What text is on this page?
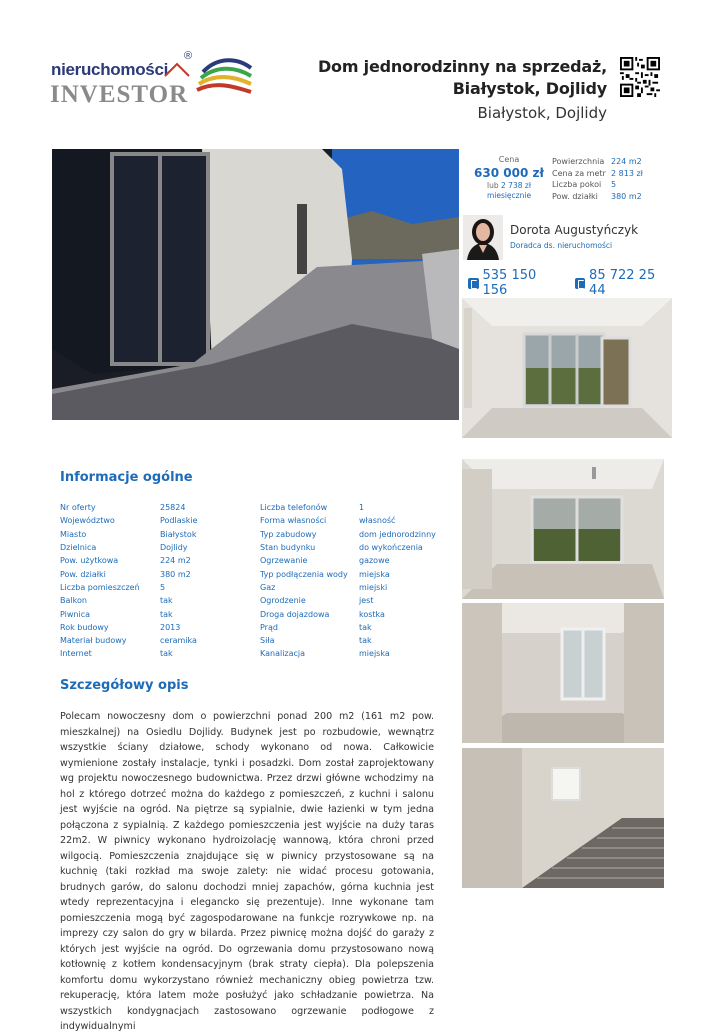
nieruchomości
®
INVESTOR
Dom jednorodzinny na sprzedaż, Białystok, Dojlidy
Białystok, Dojlidy
Cena
630 000 zł
lub 2 738 zł
miesięcznie
Powierzchnia 224 m2
Cena za metr 2 813 zł
Liczba pokoi	5
Pow. działki	380 m2
Dorota Augustyńczyk
Doradca ds. nieruchomości
535 150 156
85 722 25 44
Informacje ogólne
Nr oferty	25824	Liczba telefonów	1
Województwo	Podlaskie	Forma własności	własność
Miasto	Białystok	Typ zabudowy	dom jednorodzinny
Dzielnica	Dojlidy	Stan budynku	do wykończenia
Pow. użytkowa	224 m2	Ogrzewanie	gazowe
Pow. działki	380 m2	Typ podłączenia wody	miejska
Liczba pomieszczeń	5	Gaz	miejski
Balkon	tak	Ogrodzenie	jest
Piwnica	tak	Droga dojazdowa	kostka
Rok budowy	2013	Prąd	tak
Materiał budowy	ceramika	Siła	tak
Internet	tak	Kanalizacja	miejska
Szczegółowy opis
Polecam nowoczesny dom o powierzchni ponad 200 m2 (161 m2 pow. mieszkalnej) na Osiedlu Dojlidy. Budynek jest po rozbudowie, wewnątrz wszystkie ściany działowe, schody wykonano od nowa. Całkowicie wymienione zostały instalacje, tynki i posadzki. Dom został zaprojektowany wg projektu nowoczesnego budownictwa. Przez drzwi główne wchodzimy na hol z którego dotrzeć można do każdego z pomieszczeń, z kuchni i salonu jest wyjście na ogród. Na piętrze są sypialnie, dwie łazienki w tym jedna połączona z sypialnią. Z każdego pomieszczenia jest wyjście na duży taras 22m2. W piwnicy wykonano hydroizolację wannową, która chroni przed wilgocią. Pomieszczenia znajdujące się w piwnicy przystosowane są na kuchnię (taki rozkład ma swoje zalety: nie widać procesu gotowania, brudnych garów, do salonu dochodzi mniej zapachów, górna kuchnia jest wtedy reprezentacyjna i elegancko się prezentuje). Inne wykonane tam pomieszczenia mogą być zagospodarowane na funkcje rozrywkowe np. na imprezy czy salon do gry w bilarda. Przez piwnicę można dojść do garaży z których jest wyjście na ogród. Do ogrzewania domu przystosowano nową kotłownię z kotłem kondensacyjnym (brak straty ciepła). Dla polepszenia komfortu domu wykorzystano również mechaniczny obieg powietrza tzw. rekuperację, która latem może posłużyć jako schładzanie powietrza. Na wszystkich kondygnacjach zastosowano ogrzewanie podłogowe z indywidualnymi
